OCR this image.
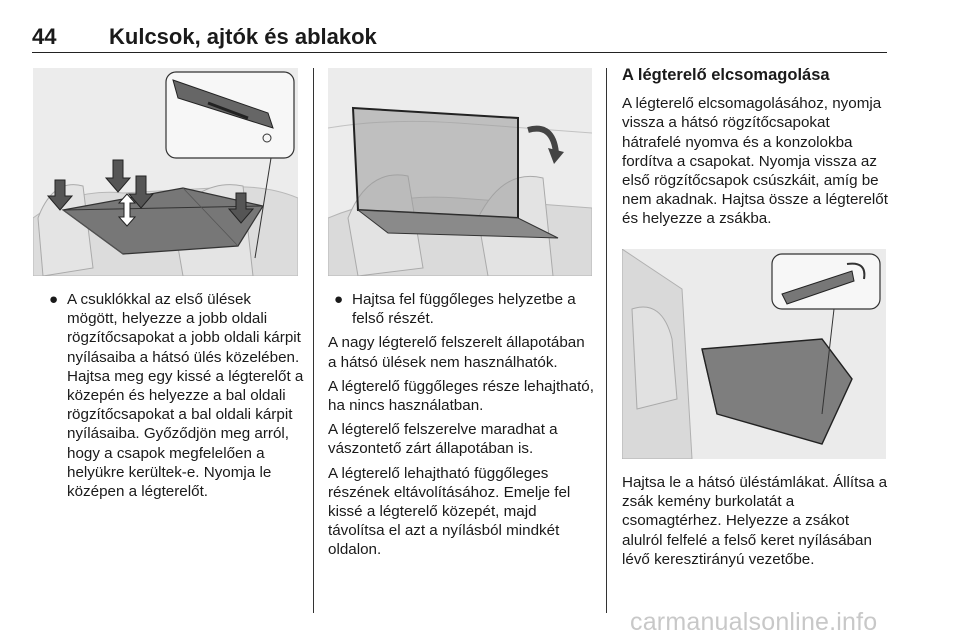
44 Kulcsok, ajtók és ablakok
● A csuklókkal az első ülések mögött, helyezze a jobb oldali rögzítőcsapokat a jobb oldali kárpit nyílásaiba a hátsó ülés közelében. Hajtsa meg egy kissé a légterelőt a közepén és helyezze a bal oldali rögzítőcsapokat a bal oldali kárpit nyílásaiba. Győződjön meg arról, hogy a csapok megfelelően a helyükre kerültek-e. Nyomja le középen a légterelőt.
● Hajtsa fel függőleges helyzetbe a felső részét.

A nagy légterelő felszerelt állapotában a hátsó ülések nem használhatók.

A légterelő függőleges része lehajtható, ha nincs használatban.

A légterelő felszerelve maradhat a vászontető zárt állapotában is.

A légterelő lehajtható függőleges részének eltávolításához. Emelje fel kissé a légterelő közepét, majd távolítsa el azt a nyílásból mindkét oldalon.

A légterelő elcsomagolása

A légterelő elcsomagolásához, nyomja vissza a hátsó rögzítőcsapokat hátrafelé nyomva és a konzolokba fordítva a csapokat. Nyomja vissza az első rögzítőcsapok csúszkáit, amíg be nem akadnak. Hajtsa össze a légterelőt és helyezze a zsákba.

Hajtsa le a hátsó üléstámlákat. Állítsa a zsák kemény burkolatát a csomagtérhez. Helyezze a zsákot alulról felfelé a felső keret nyílásában lévő keresztirányú vezetőbe.

carmanualsonline.info
